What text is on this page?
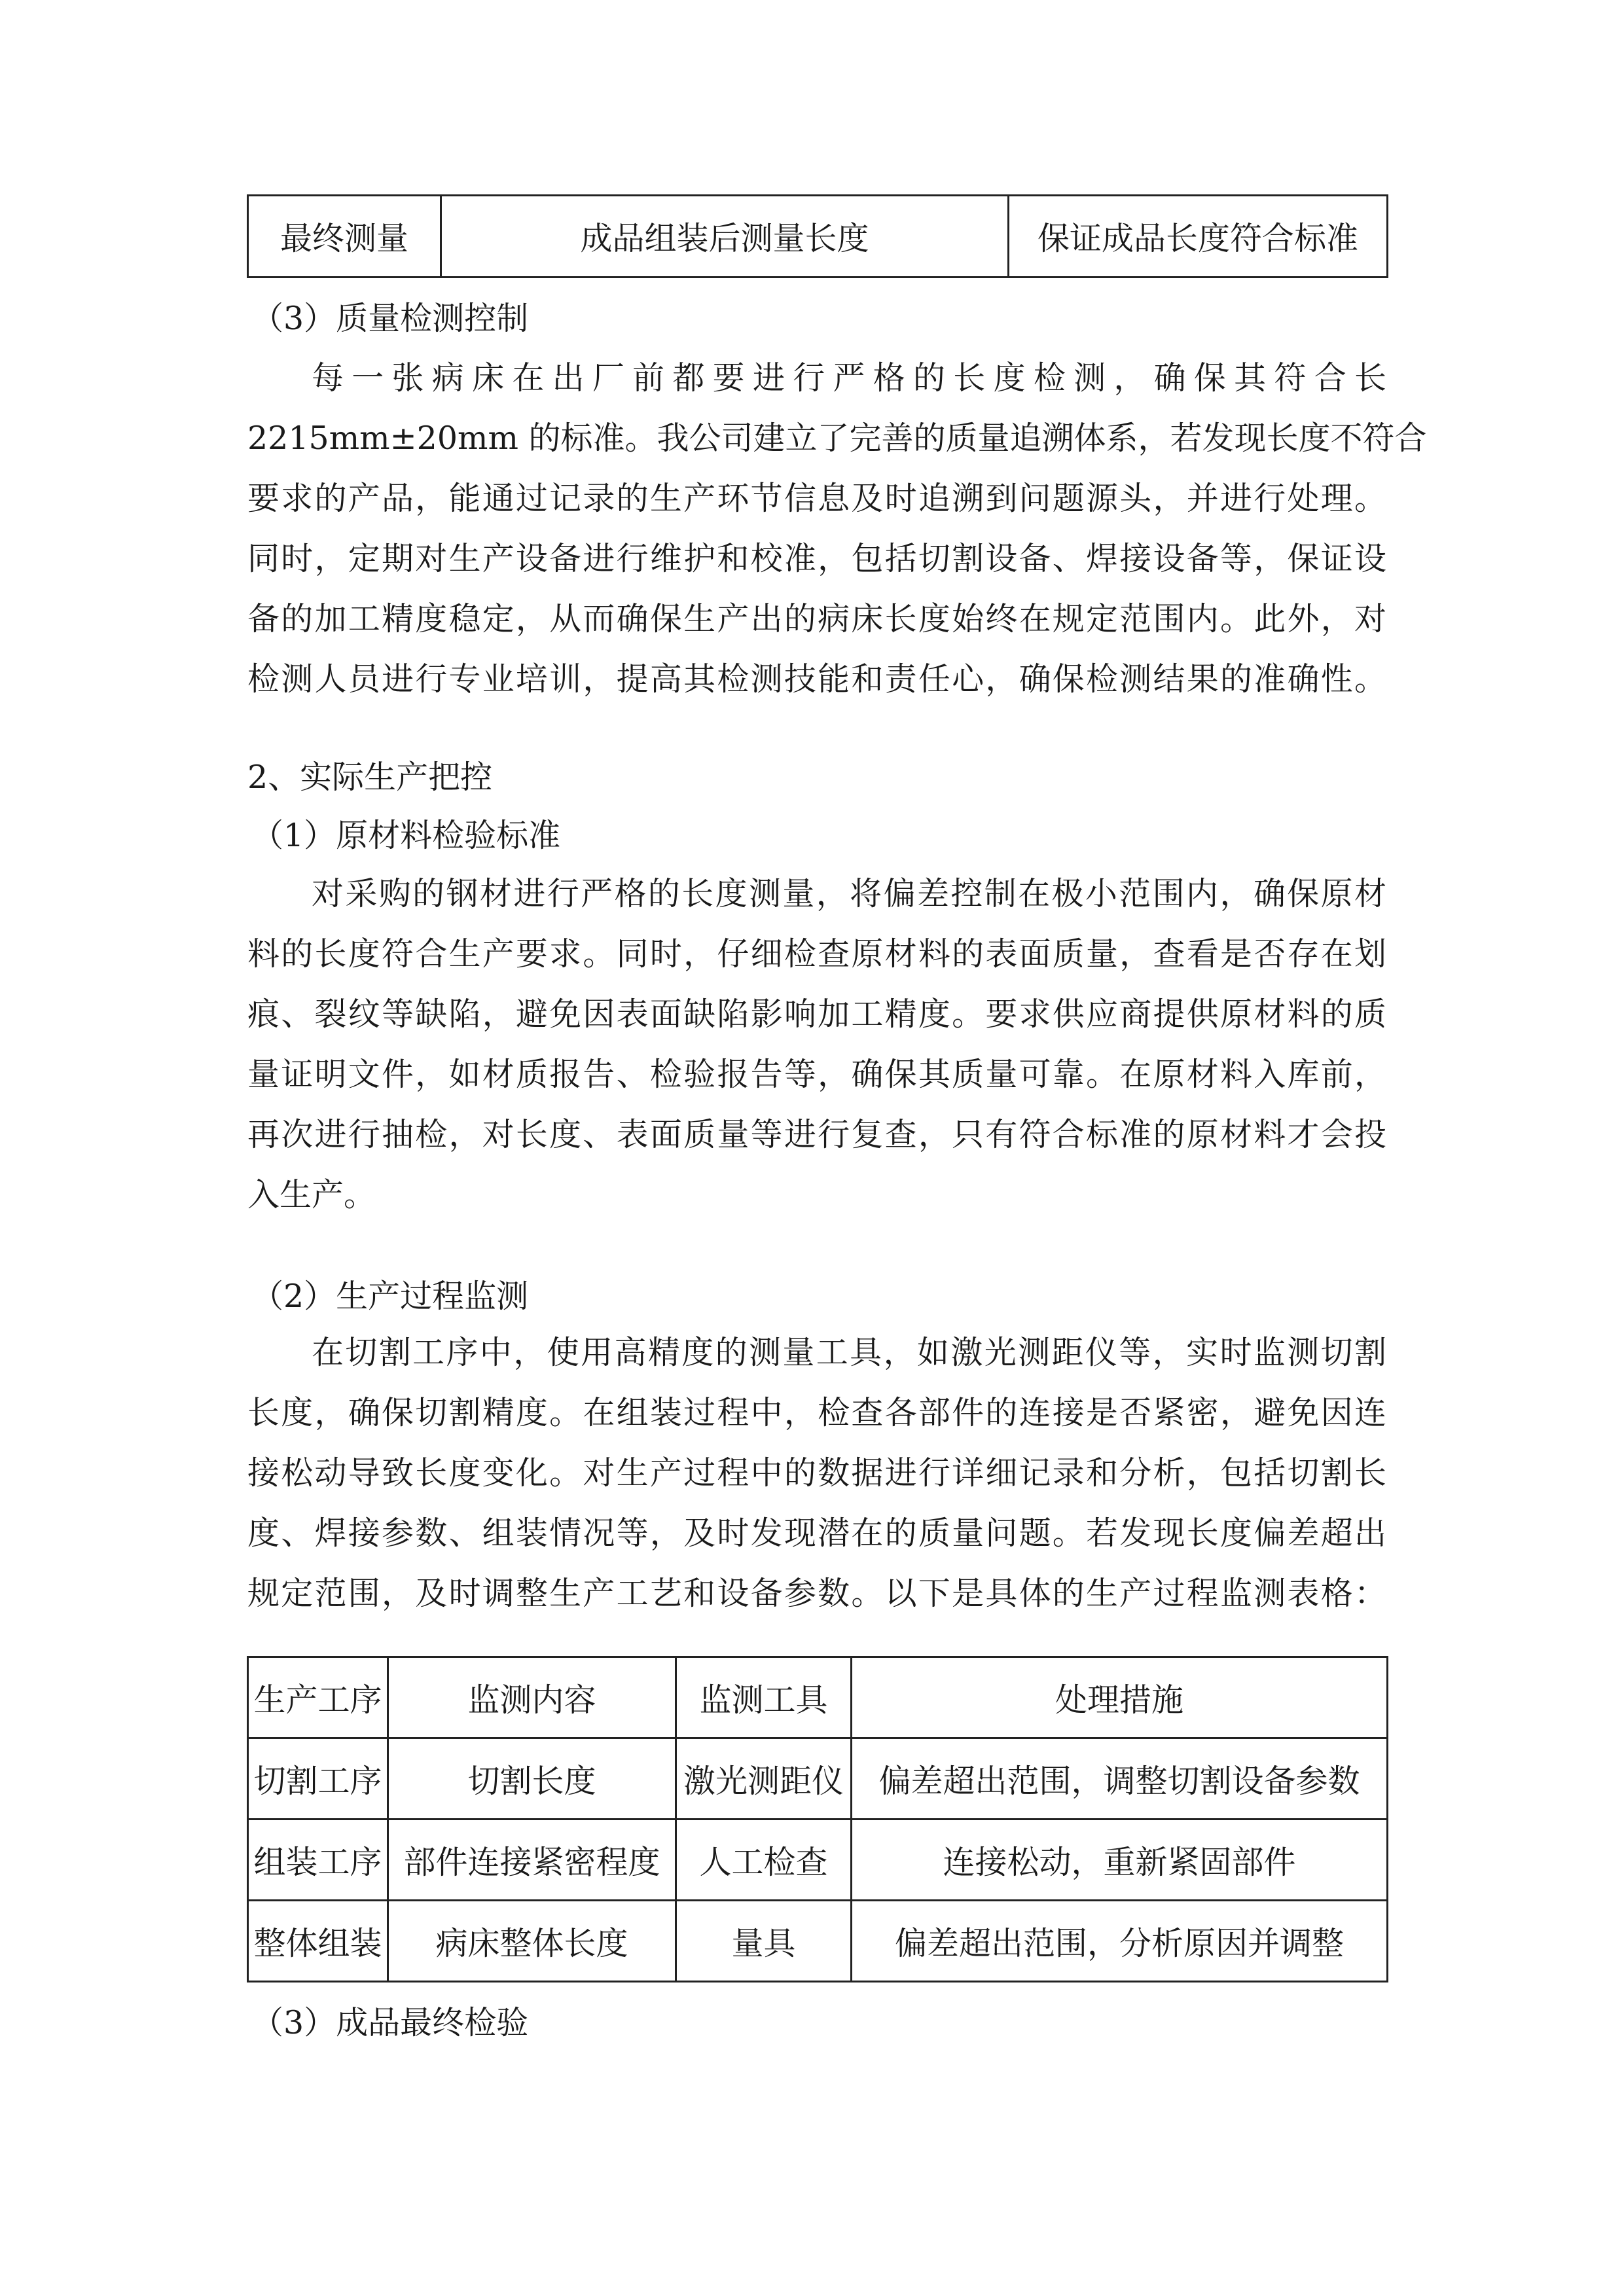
最终测量	成品组装后测量长度	保证成品长度符合标准
（3）质量检测控制
每一张病床在出厂前都要进行严格的长度检测，确保其符合长
2215mm±20mm 的标准。我公司建立了完善的质量追溯体系，若发现长度不符合
要求的产品，能通过记录的生产环节信息及时追溯到问题源头，并进行处理。
同时，定期对生产设备进行维护和校准，包括切割设备、焊接设备等，保证设
备的加工精度稳定，从而确保生产出的病床长度始终在规定范围内。此外，对
检测人员进行专业培训，提高其检测技能和责任心，确保检测结果的准确性。
2、实际生产把控
（1）原材料检验标准
对采购的钢材进行严格的长度测量，将偏差控制在极小范围内，确保原材
料的长度符合生产要求。同时，仔细检查原材料的表面质量，查看是否存在划
痕、裂纹等缺陷，避免因表面缺陷影响加工精度。要求供应商提供原材料的质
量证明文件，如材质报告、检验报告等，确保其质量可靠。在原材料入库前，
再次进行抽检，对长度、表面质量等进行复查，只有符合标准的原材料才会投
入生产。
（2）生产过程监测
在切割工序中，使用高精度的测量工具，如激光测距仪等，实时监测切割
长度，确保切割精度。在组装过程中，检查各部件的连接是否紧密，避免因连
接松动导致长度变化。对生产过程中的数据进行详细记录和分析，包括切割长
度、焊接参数、组装情况等，及时发现潜在的质量问题。若发现长度偏差超出
规定范围，及时调整生产工艺和设备参数。以下是具体的生产过程监测表格：
生产工序	监测内容	监测工具	处理措施
切割工序	切割长度	激光测距仪	偏差超出范围，调整切割设备参数
组装工序	部件连接紧密程度	人工检查	连接松动，重新紧固部件
整体组装	病床整体长度	量具	偏差超出范围，分析原因并调整
（3）成品最终检验
